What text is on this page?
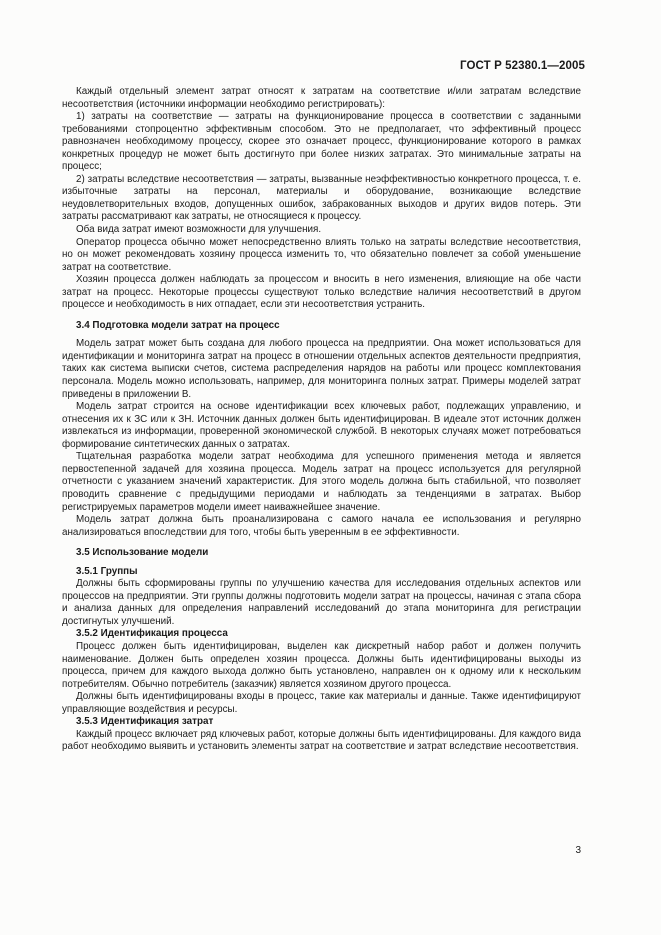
ГОСТ Р 52380.1—2005

Каждый отдельный элемент затрат относят к затратам на соответствие и/или затратам вследствие несоответствия (источники информации необходимо регистрировать):

1) затраты на соответствие — затраты на функционирование процесса в соответствии с заданными требованиями стопроцентно эффективным способом. Это не предполагает, что эффективный процесс равнозначен необходимому процессу, скорее это означает процесс, функционирование которого в рамках конкретных процедур не может быть достигнуто при более низких затратах. Это минимальные затраты на процесс;

2) затраты вследствие несоответствия — затраты, вызванные неэффективностью конкретного процесса, т. е. избыточные затраты на персонал, материалы и оборудование, возникающие вследствие неудовлетворительных входов, допущенных ошибок, забракованных выходов и других видов потерь. Эти затраты рассматривают как затраты, не относящиеся к процессу.

Оба вида затрат имеют возможности для улучшения.

Оператор процесса обычно может непосредственно влиять только на затраты вследствие несоответствия, но он может рекомендовать хозяину процесса изменить то, что обязательно повлечет за собой уменьшение затрат на соответствие.

Хозяин процесса должен наблюдать за процессом и вносить в него изменения, влияющие на обе части затрат на процесс. Некоторые процессы существуют только вследствие наличия несоответствий в другом процессе и необходимость в них отпадает, если эти несоответствия устранить.

3.4 Подготовка модели затрат на процесс

Модель затрат может быть создана для любого процесса на предприятии. Она может использоваться для идентификации и мониторинга затрат на процесс в отношении отдельных аспектов деятельности предприятия, таких как система выписки счетов, система распределения нарядов на работы или процесс комплектования персонала. Модель можно использовать, например, для мониторинга полных затрат. Примеры моделей затрат приведены в приложении В.

Модель затрат строится на основе идентификации всех ключевых работ, подлежащих управлению, и отнесения их к ЗС или к ЗН. Источник данных должен быть идентифицирован. В идеале этот источник должен извлекаться из информации, проверенной экономической службой. В некоторых случаях может потребоваться формирование синтетических данных о затратах.

Тщательная разработка модели затрат необходима для успешного применения метода и является первостепенной задачей для хозяина процесса. Модель затрат на процесс используется для регулярной отчетности с указанием значений характеристик. Для этого модель должна быть стабильной, что позволяет проводить сравнение с предыдущими периодами и наблюдать за тенденциями в затратах. Выбор регистрируемых параметров модели имеет наиважнейшее значение.

Модель затрат должна быть проанализирована с самого начала ее использования и регулярно анализироваться впоследствии для того, чтобы быть уверенным в ее эффективности.

3.5 Использование модели
3.5.1 Группы

Должны быть сформированы группы по улучшению качества для исследования отдельных аспектов или процессов на предприятии. Эти группы должны подготовить модели затрат на процессы, начиная с этапа сбора и анализа данных для определения направлений исследований до этапа мониторинга для регистрации достигнутых улучшений.

3.5.2 Идентификация процесса

Процесс должен быть идентифицирован, выделен как дискретный набор работ и должен получить наименование. Должен быть определен хозяин процесса. Должны быть идентифицированы выходы из процесса, причем для каждого выхода должно быть установлено, направлен он к одному или к нескольким потребителям. Обычно потребитель (заказчик) является хозяином другого процесса.

Должны быть идентифицированы входы в процесс, такие как материалы и данные. Также идентифицируют управляющие воздействия и ресурсы.

3.5.3 Идентификация затрат

Каждый процесс включает ряд ключевых работ, которые должны быть идентифицированы. Для каждого вида работ необходимо выявить и установить элементы затрат на соответствие и затрат вследствие несоответствия.

3
